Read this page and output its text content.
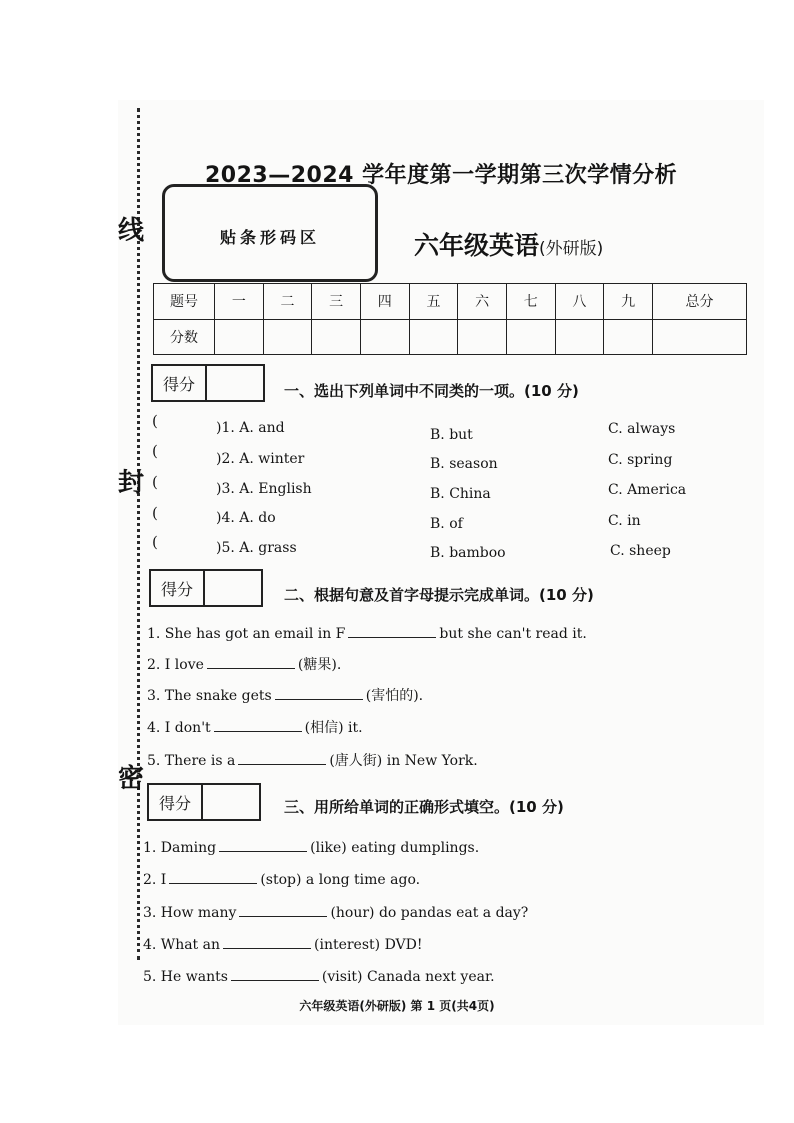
线
封
密
2023—2024 学年度第一学期第三次学情分析
贴条形码区	六年级英语(外研版)
题号	一	二	三	四	五	六	七	八	九	总分
分数										
得分	一、选出下列单词中不同类的一项。(10 分)
(	)1. A. and	B. but	C. always
(	)2. A. winter	B. season	C. spring
(	)3. A. English	B. China	C. America
(	)4. A. do	B. of	C. in
(	)5. A. grass	B. bamboo	C. sheep
得分	二、根据句意及首字母提示完成单词。(10 分)
1. She has got an email in F	but she can't read it.
2. I love	(糖果).
3. The snake gets	(害怕的).
4. I don't	(相信) it.
5. There is a	(唐人街) in New York.
得分	三、用所给单词的正确形式填空。(10 分)
1. Daming	(like) eating dumplings.
2. I	(stop) a long time ago.
3. How many	(hour) do pandas eat a day?
4. What an	(interest) DVD!
5. He wants	(visit) Canada next year.
六年级英语(外研版) 第 1 页(共4页)
